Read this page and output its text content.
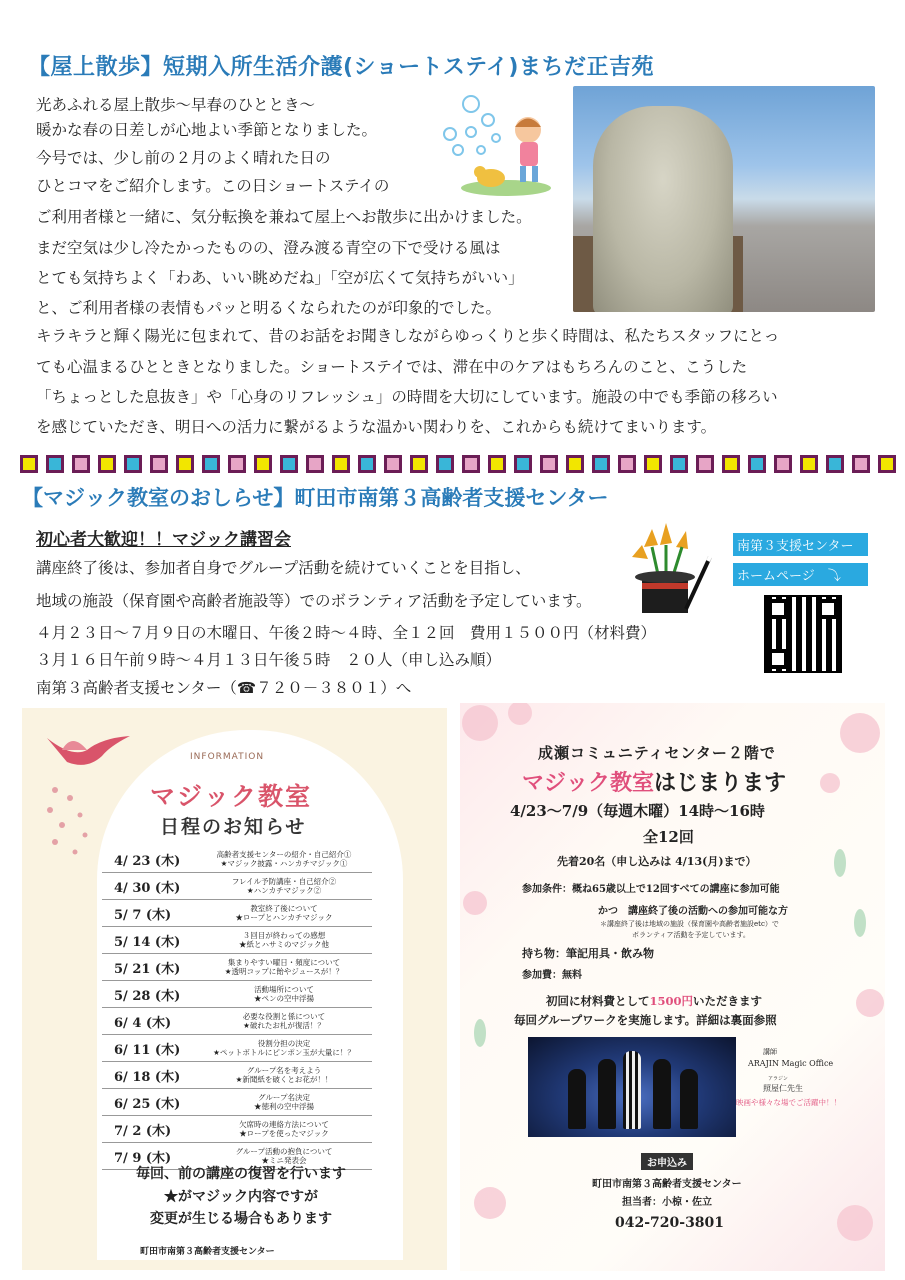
【屋上散歩】短期入所生活介護(ショートステイ)まちだ正吉苑
光あふれる屋上散歩～早春のひととき～
暖かな春の日差しが心地よい季節となりました。
今号では、少し前の２月のよく晴れた日の
ひとコマをご紹介します。この日ショートステイの
ご利用者様と一緒に、気分転換を兼ねて屋上へお散歩に出かけました。
まだ空気は少し冷たかったものの、澄み渡る青空の下で受ける風は
とても気持ちよく「わあ、いい眺めだね」「空が広くて気持ちがいい」
と、ご利用者様の表情もパッと明るくなられたのが印象的でした。
キラキラと輝く陽光に包まれて、昔のお話をお聞きしながらゆっくりと歩く時間は、私たちスタッフにとっ
ても心温まるひとときとなりました。ショートステイでは、滞在中のケアはもちろんのこと、こうした
「ちょっとした息抜き」や「心身のリフレッシュ」の時間を大切にしています。施設の中でも季節の移ろい
を感じていただき、明日への活力に繋がるような温かい関わりを、これからも続けてまいります。
【マジック教室のおしらせ】町田市南第３高齢者支援センター
初心者大歓迎！！マジック講習会
講座終了後は、参加者自身でグループ活動を続けていくことを目指し、
地域の施設（保育園や高齢者施設等）でのボランティア活動を予定しています。
４月２３日～７月９日の木曜日、午後２時～４時、全１２回　費用１５００円（材料費）
３月１６日午前９時～４月１３日午後５時　２０人（申し込み順）
南第３高齢者支援センター（☎７２０－３８０１）へ
南第３支援センター
ホームページ　⤵
INFORMATION
マジック教室
日程のお知らせ
4/ 23 (木)	高齢者支援センターの紹介・自己紹介①
★マジック披露・ハンカチマジック①
4/ 30 (木)	フレイル予防講座・自己紹介②
★ハンカチマジック②
5/ 7 (木)	教室終了後について
★ロープとハンカチマジック
5/ 14 (木)	３回目が終わっての感想
★紙とハサミのマジック他
5/ 21 (木)	集まりやすい曜日・頻度について
★透明コップに飴やジュースが！？
5/ 28 (木)	活動場所について
★ペンの空中浮揚
6/ 4 (木)	必要な役割と係について
★破れたお札が復活！？
6/ 11 (木)	役割分担の決定
★ペットボトルにピンポン玉が大量に！？
6/ 18 (木)	グループ名を考えよう
★新聞紙を破くとお花が！！
6/ 25 (木)	グループ名決定
★徳利の空中浮揚
7/ 2 (木)	欠席時の連絡方法について
★ロープを使ったマジック
7/ 9 (木)	グループ活動の抱負について
★ミニ発表会
毎回、前の講座の復習を行います
★がマジック内容ですが
変更が生じる場合もあります
町田市南第３高齢者支援センター
成瀬コミュニティセンター２階で
マジック教室はじまります
4/23～7/9（毎週木曜）14時～16時
全12回
先着20名（申し込みは 4/13(月)まで）
参加条件：概ね65歳以上で12回すべての講座に参加可能
かつ　講座終了後の活動への参加可能な方
＊講座終了後は地域の施設（保育園や高齢者施設etc）で
ボランティア活動を予定しています。
持ち物：筆記用具・飲み物
参加費：無料
初回に材料費として1500円いただきます
毎回グループワークを実施します。詳細は裏面参照
講師
ARAJIN Magic Office
アラジン
照屋仁先生
映画や様々な場でご活躍中！！
お申込み
町田市南第３高齢者支援センター
担当者：小椋・佐立
042-720-3801
